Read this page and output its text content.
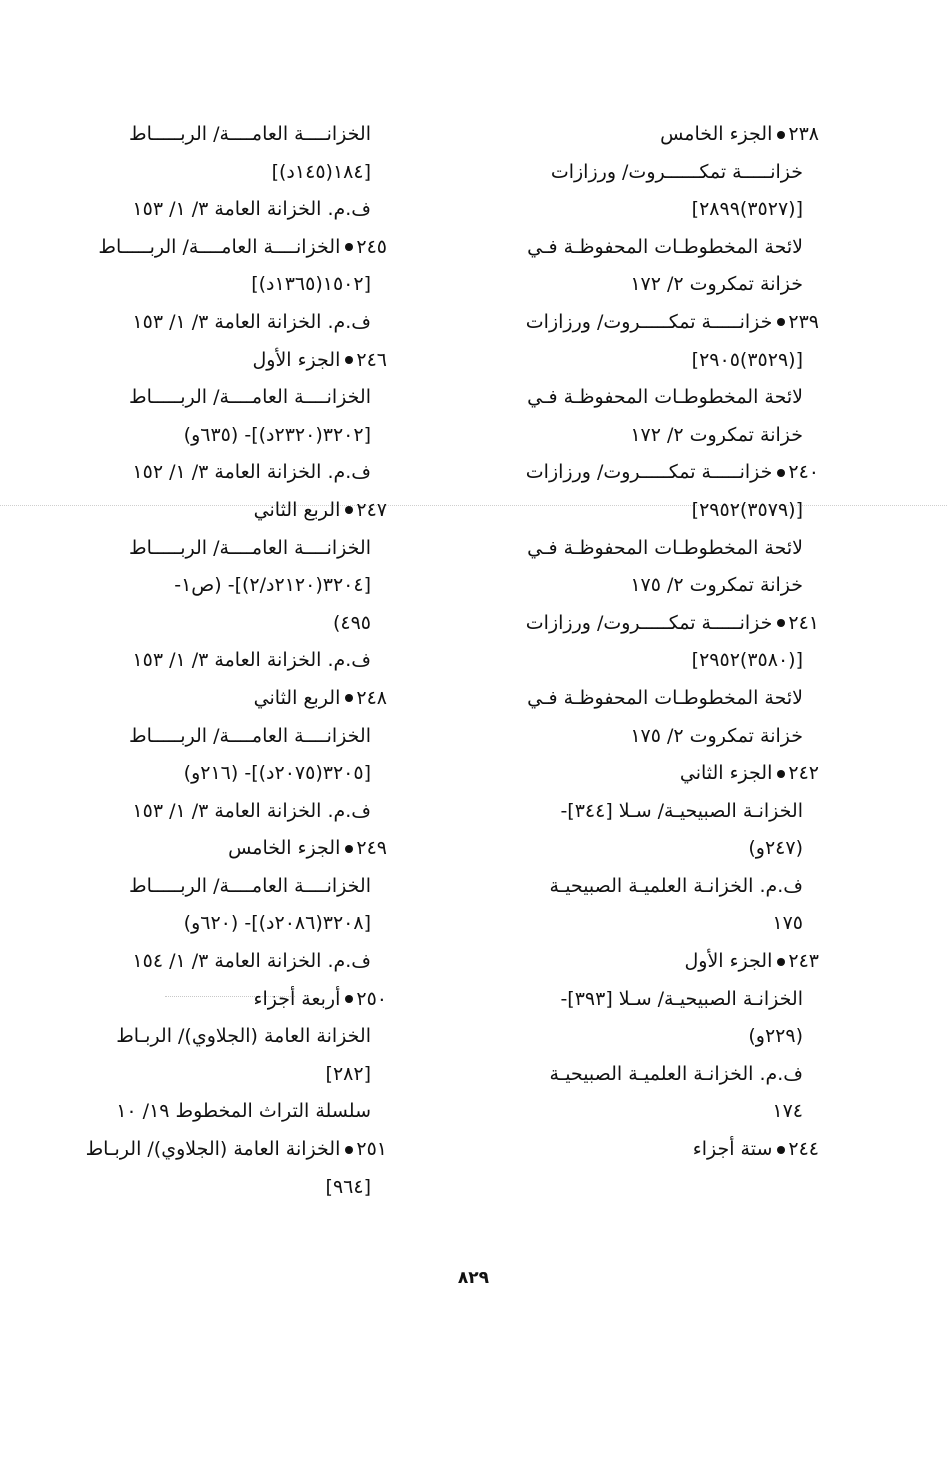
٢٣٨الجزء الخامس
خزانـــــة تمكــــــروت/ ورزازات
[(٣٥٢٧)٢٨٩٩]
لائحة المخطوطـات المحفوظـة فـي
خزانة تمكروت ٢/ ١٧٢
٢٣٩خزانـــــة تمكـــــروت/ ورزازات
[(٣٥٢٩)٢٩٠٥]
لائحة المخطوطـات المحفوظـة فـي
خزانة تمكروت ٢/ ١٧٢
٢٤٠خزانـــــة تمكـــــروت/ ورزازات
[(٣٥٧٩)٢٩٥٢]
لائحة المخطوطـات المحفوظـة فـي
خزانة تمكروت ٢/ ١٧٥
٢٤١خزانـــــة تمكـــــروت/ ورزازات
[(٣٥٨٠)٢٩٥٢]
لائحة المخطوطـات المحفوظـة فـي
خزانة تمكروت ٢/ ١٧٥
٢٤٢الجزء الثاني
الخزانـة الصبيحيـة/ سـلا [٣٤٤]-
(٢٤٧و)
ف.م. الخزانـة العلميـة الصبيحيـة
١٧٥
٢٤٣الجزء الأول
الخزانـة الصبيحيـة/ سـلا [٣٩٣]-
(٢٢٩و)
ف.م. الخزانـة العلميـة الصبيحيـة
١٧٤
٢٤٤ستة أجزاء
الخزانــــة العامــــة/ الربـــــاط
[١٨٤(١٤٥د)]
ف.م. الخزانة العامة ٣/ ١/ ١٥٣
٢٤٥الخزانــــة العامــــة/ الربـــــاط
[١٥٠٢(١٣٦٥د)]
ف.م. الخزانة العامة ٣/ ١/ ١٥٣
٢٤٦الجزء الأول
الخزانــــة العامــــة/ الربـــــاط
[٣٢٠٢(٢٣٢٠د)]- (٦٣٥و)
ف.م. الخزانة العامة ٣/ ١/ ١٥٢
٢٤٧الربع الثاني
الخزانــــة العامــــة/ الربـــــاط
[٣٢٠٤(٢١٢٠د/٢)]- (ص١-
٤٩٥)
ف.م. الخزانة العامة ٣/ ١/ ١٥٣
٢٤٨الربع الثاني
الخزانــــة العامــــة/ الربـــــاط
[٣٢٠٥(٢٠٧٥د)]- (٢١٦و)
ف.م. الخزانة العامة ٣/ ١/ ١٥٣
٢٤٩الجزء الخامس
الخزانــــة العامــــة/ الربـــــاط
[٣٢٠٨(٢٠٨٦د)]- (٦٢٠و)
ف.م. الخزانة العامة ٣/ ١/ ١٥٤
٢٥٠أربعة أجزاء
الخزانة العامة (الجلاوي)/ الربـاط
[٢٨٢]
سلسلة التراث المخطوط ١٩/ ١٠
٢٥١الخزانة العامة (الجلاوي)/ الربـاط
[٩٦٤]
٨٢٩
